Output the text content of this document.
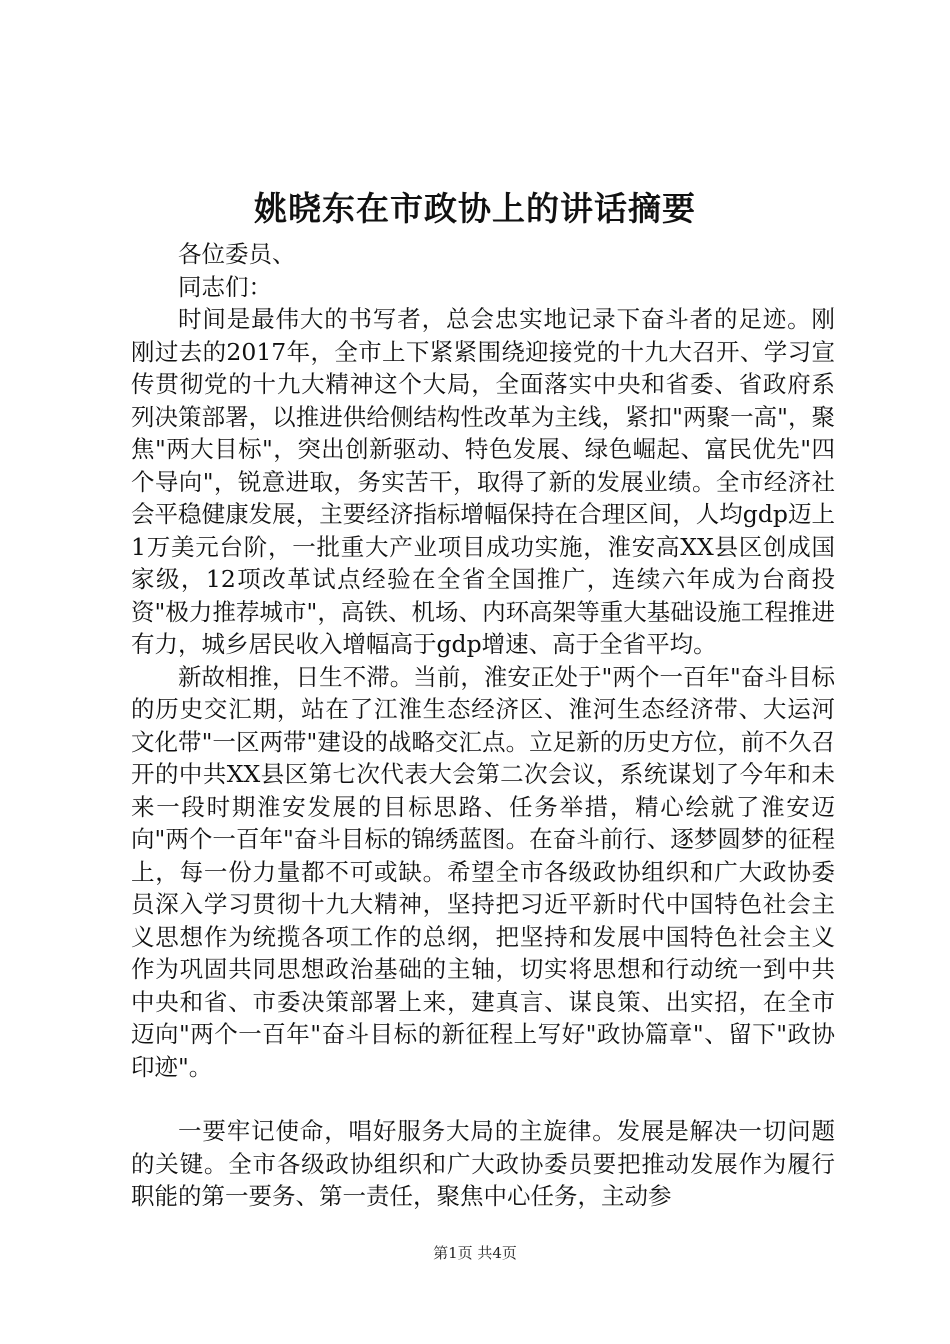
姚晓东在市政协上的讲话摘要

各位委员、

同志们：

时间是最伟大的书写者，总会忠实地记录下奋斗者的足迹。刚刚过去的2017年，全市上下紧紧围绕迎接党的十九大召开、学习宣传贯彻党的十九大精神这个大局，全面落实中央和省委、省政府系列决策部署，以推进供给侧结构性改革为主线，紧扣"两聚一高"，聚焦"两大目标"，突出创新驱动、特色发展、绿色崛起、富民优先"四个导向"，锐意进取，务实苦干，取得了新的发展业绩。全市经济社会平稳健康发展，主要经济指标增幅保持在合理区间，人均gdp迈上1万美元台阶，一批重大产业项目成功实施，淮安高XX县区创成国家级，12项改革试点经验在全省全国推广，连续六年成为台商投资"极力推荐城市"，高铁、机场、内环高架等重大基础设施工程推进有力，城乡居民收入增幅高于gdp增速、高于全省平均。

新故相推，日生不滞。当前，淮安正处于"两个一百年"奋斗目标的历史交汇期，站在了江淮生态经济区、淮河生态经济带、大运河文化带"一区两带"建设的战略交汇点。立足新的历史方位，前不久召开的中共XX县区第七次代表大会第二次会议，系统谋划了今年和未来一段时期淮安发展的目标思路、任务举措，精心绘就了淮安迈向"两个一百年"奋斗目标的锦绣蓝图。在奋斗前行、逐梦圆梦的征程上，每一份力量都不可或缺。希望全市各级政协组织和广大政协委员深入学习贯彻十九大精神，坚持把习近平新时代中国特色社会主义思想作为统揽各项工作的总纲，把坚持和发展中国特色社会主义作为巩固共同思想政治基础的主轴，切实将思想和行动统一到中共中央和省、市委决策部署上来，建真言、谋良策、出实招，在全市迈向"两个一百年"奋斗目标的新征程上写好"政协篇章"、留下"政协印迹"。

一要牢记使命，唱好服务大局的主旋律。发展是解决一切问题的关键。全市各级政协组织和广大政协委员要把推动发展作为履行职能的第一要务、第一责任，聚焦中心任务，主动参

第1页 共4页
